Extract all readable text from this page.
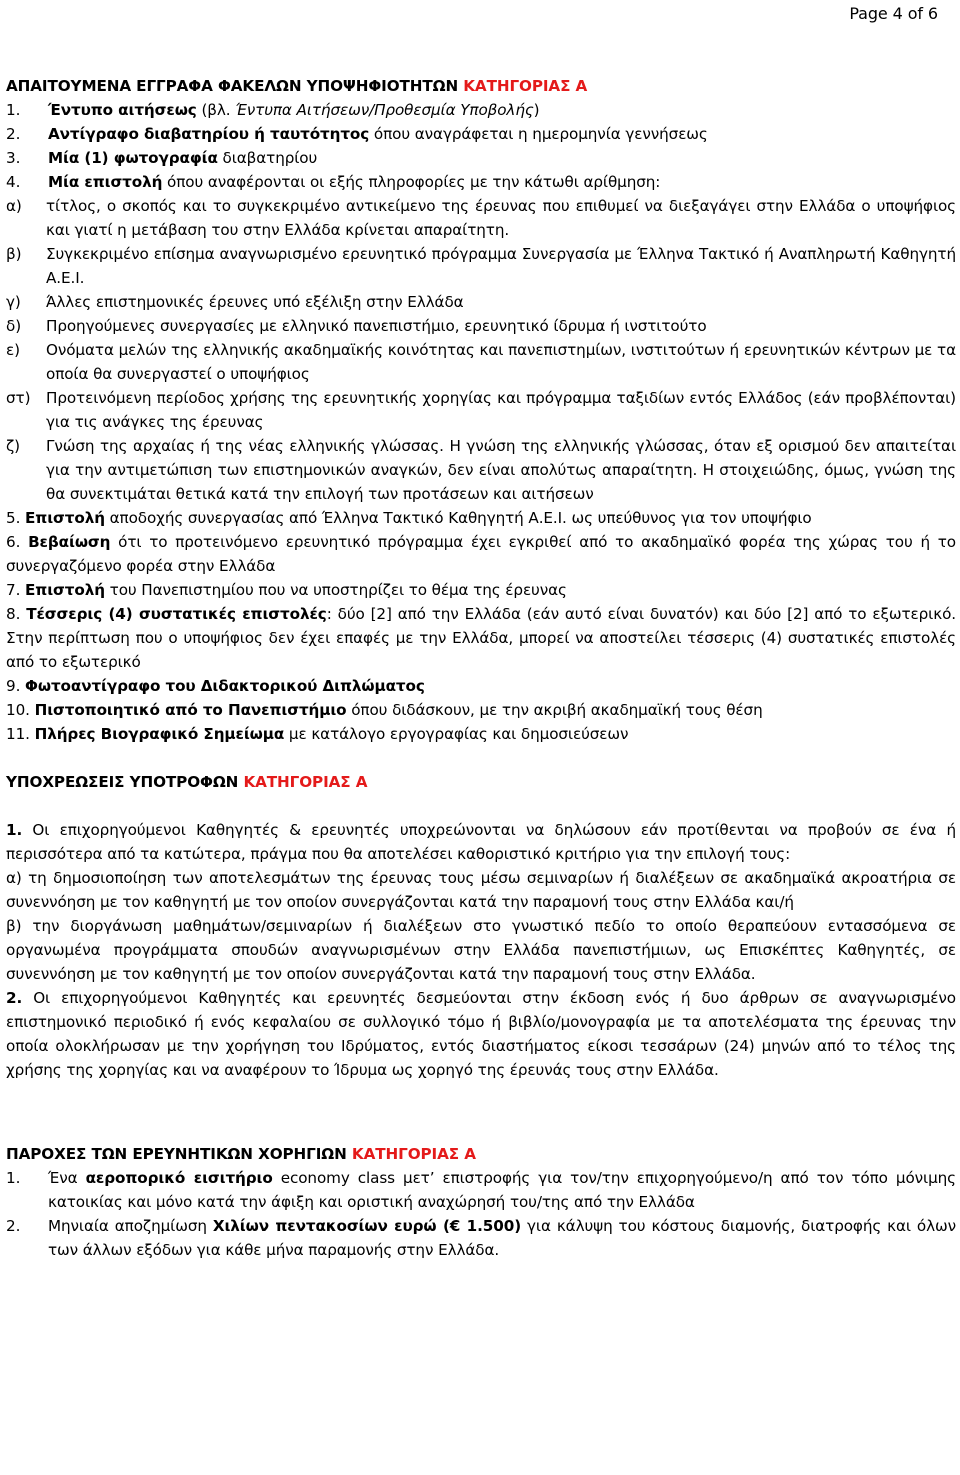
Page 4 of 6
ΑΠΑΙΤΟΥΜΕΝΑ ΕΓΓΡΑΦΑ ΦΑΚΕΛΩΝ ΥΠΟΨΗΦΙΟΤΗΤΩΝ ΚΑΤΗΓΟΡΙΑΣ Α
1.	Έντυπο αιτήσεως (βλ. Έντυπα Αιτήσεων/Προθεσμία Υποβολής)
2.	Αντίγραφο διαβατηρίου ή ταυτότητος όπου αναγράφεται η ημερομηνία γεννήσεως
3.	Μία (1) φωτογραφία διαβατηρίου
4.	Μία επιστολή όπου αναφέρονται οι εξής πληροφορίες με την κάτωθι αρίθμηση:
α)	τίτλος, ο σκοπός και το συγκεκριμένο αντικείμενο της έρευνας που επιθυμεί να διεξαγάγει στην Ελλάδα ο υποψήφιος και γιατί η μετάβαση του στην Ελλάδα κρίνεται απαραίτητη.
β)	Συγκεκριμένο επίσημα αναγνωρισμένο ερευνητικό πρόγραμμα Συνεργασία με Έλληνα Τακτικό ή Αναπληρωτή Καθηγητή Α.Ε.Ι.
γ)	Άλλες επιστημονικές έρευνες υπό εξέλιξη στην Ελλάδα
δ)	Προηγούμενες συνεργασίες με ελληνικό πανεπιστήμιο, ερευνητικό ίδρυμα ή ινστιτούτο
ε)	Ονόματα μελών της ελληνικής ακαδημαϊκής κοινότητας και πανεπιστημίων, ινστιτούτων ή ερευνητικών κέντρων με τα οποία θα συνεργαστεί ο υποψήφιος
στ)	Προτεινόμενη περίοδος χρήσης της ερευνητικής χορηγίας και πρόγραμμα ταξιδίων εντός Ελλάδος (εάν προβλέπονται) για τις ανάγκες της έρευνας
ζ)	Γνώση της αρχαίας ή της νέας ελληνικής γλώσσας. Η γνώση της ελληνικής γλώσσας, όταν εξ ορισμού δεν απαιτείται για την αντιμετώπιση των επιστημονικών αναγκών, δεν είναι απολύτως απαραίτητη. Η στοιχειώδης, όμως, γνώση της θα συνεκτιμάται θετικά κατά την επιλογή των προτάσεων και αιτήσεων
5. Επιστολή αποδοχής συνεργασίας από Έλληνα Τακτικό Καθηγητή Α.Ε.Ι. ως υπεύθυνος για τον υποψήφιο
6. Βεβαίωση ότι το προτεινόμενο ερευνητικό πρόγραμμα έχει εγκριθεί από το ακαδημαϊκό φορέα της χώρας του ή το συνεργαζόμενο φορέα στην Ελλάδα
7. Επιστολή του Πανεπιστημίου που να υποστηρίζει το θέμα της έρευνας
8. Τέσσερις (4) συστατικές επιστολές: δύο [2] από την Ελλάδα (εάν αυτό είναι δυνατόν) και δύο [2] από το εξωτερικό. Στην περίπτωση που ο υποψήφιος δεν έχει επαφές με την Ελλάδα, μπορεί να αποστείλει τέσσερις (4) συστατικές επιστολές από το εξωτερικό
9. Φωτοαντίγραφο του Διδακτορικού Διπλώματος
10. Πιστοποιητικό από το Πανεπιστήμιο όπου διδάσκουν, με την ακριβή ακαδημαϊκή τους θέση
11. Πλήρες Βιογραφικό Σημείωμα με κατάλογο εργογραφίας και δημοσιεύσεων
ΥΠΟΧΡΕΩΣΕΙΣ ΥΠΟΤΡΟΦΩΝ ΚΑΤΗΓΟΡΙΑΣ Α
1. Οι επιχορηγούμενοι Καθηγητές & ερευνητές υποχρεώνονται να δηλώσουν εάν προτίθενται να προβούν σε ένα ή περισσότερα από τα κατώτερα, πράγμα που θα αποτελέσει καθοριστικό κριτήριο για την επιλογή τους:
α) τη δημοσιοποίηση των αποτελεσμάτων της έρευνας τους μέσω σεμιναρίων ή διαλέξεων σε ακαδημαϊκά ακροατήρια σε συνεννόηση με τον καθηγητή με τον οποίον συνεργάζονται κατά την παραμονή τους στην Ελλάδα και/ή
β) την διοργάνωση μαθημάτων/σεμιναρίων ή διαλέξεων στο γνωστικό πεδίο το οποίο θεραπεύουν εντασσόμενα σε οργανωμένα προγράμματα σπουδών αναγνωρισμένων στην Ελλάδα πανεπιστήμιων, ως Επισκέπτες Καθηγητές, σε συνεννόηση με τον καθηγητή με τον οποίον συνεργάζονται κατά την παραμονή τους στην Ελλάδα.
2. Οι επιχορηγούμενοι Καθηγητές και ερευνητές δεσμεύονται στην έκδοση ενός ή δυο άρθρων σε αναγνωρισμένο επιστημονικό περιοδικό ή ενός κεφαλαίου σε συλλογικό τόμο ή βιβλίο/μονογραφία με τα αποτελέσματα της έρευνας την οποία ολοκλήρωσαν με την χορήγηση του Ιδρύματος, εντός διαστήματος είκοσι τεσσάρων (24) μηνών από το τέλος της χρήσης της χορηγίας και να αναφέρουν το Ίδρυμα ως χορηγό της έρευνάς τους στην Ελλάδα.
ΠΑΡΟΧΕΣ ΤΩΝ ΕΡΕΥΝΗΤΙΚΩΝ ΧΟΡΗΓΙΩΝ ΚΑΤΗΓΟΡΙΑΣ Α
1.	Ένα αεροπορικό εισιτήριο economy class μετ’ επιστροφής για τον/την επιχορηγούμενο/η από τον τόπο μόνιμης κατοικίας και μόνο κατά την άφιξη και οριστική αναχώρησή του/της από την Ελλάδα
2.	Μηνιαία αποζημίωση Χιλίων πεντακοσίων ευρώ (€ 1.500) για κάλυψη του κόστους διαμονής, διατροφής και όλων των άλλων εξόδων για κάθε μήνα παραμονής στην Ελλάδα.
